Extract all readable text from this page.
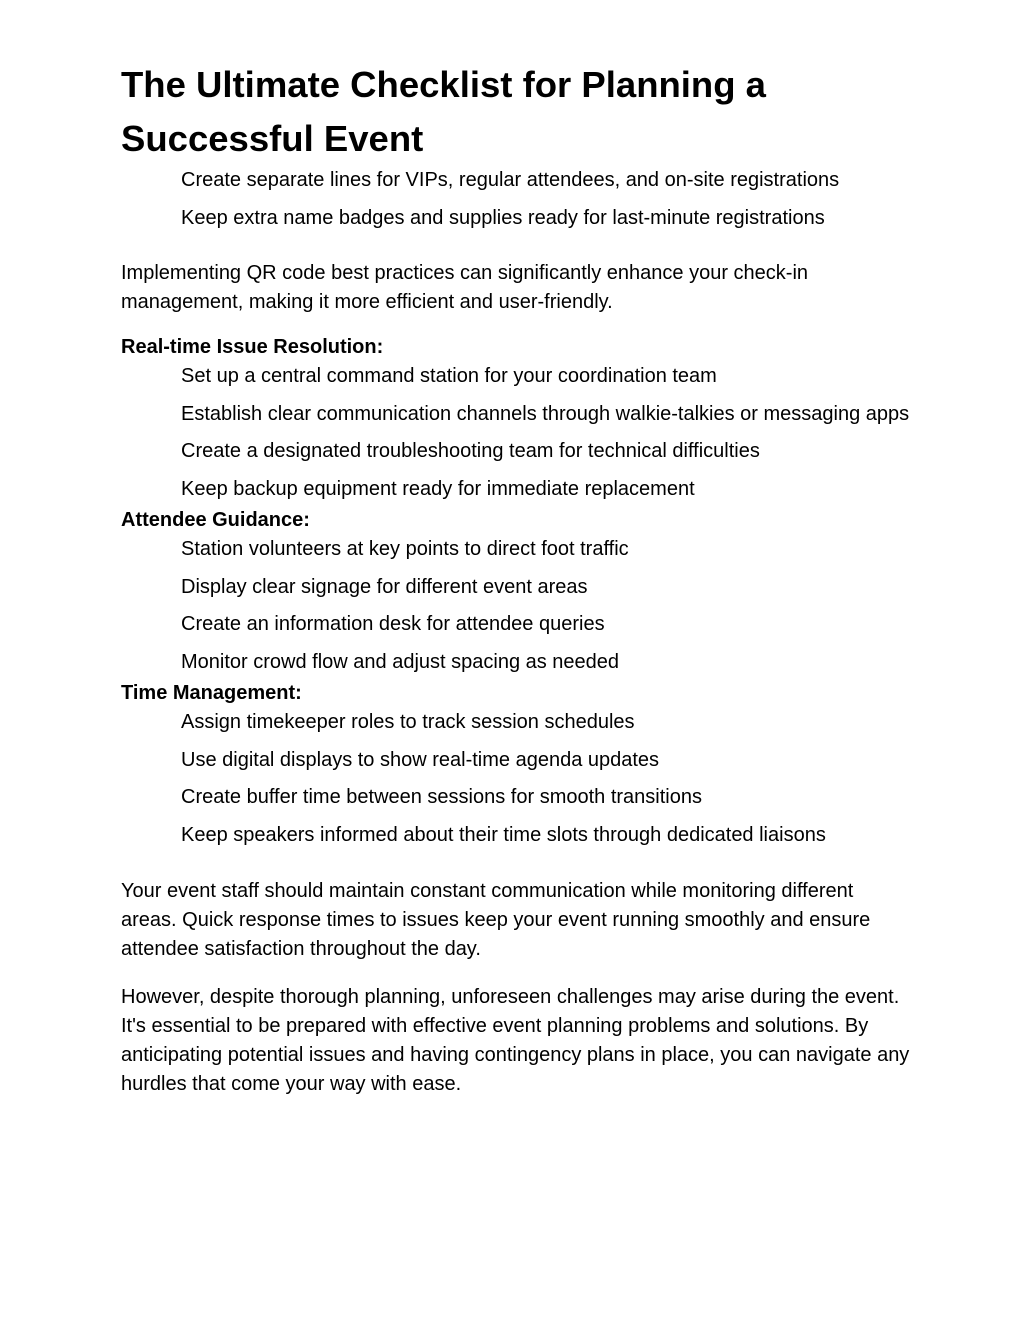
The Ultimate Checklist for Planning a Successful Event
Create separate lines for VIPs, regular attendees, and on-site registrations
Keep extra name badges and supplies ready for last-minute registrations

Implementing QR code best practices can significantly enhance your check-in management, making it more efficient and user-friendly.

Real-time Issue Resolution:

Set up a central command station for your coordination team
Establish clear communication channels through walkie-talkies or messaging apps
Create a designated troubleshooting team for technical difficulties
Keep backup equipment ready for immediate replacement

Attendee Guidance:

Station volunteers at key points to direct foot traffic
Display clear signage for different event areas
Create an information desk for attendee queries
Monitor crowd flow and adjust spacing as needed

Time Management:

Assign timekeeper roles to track session schedules
Use digital displays to show real-time agenda updates
Create buffer time between sessions for smooth transitions
Keep speakers informed about their time slots through dedicated liaisons

Your event staff should maintain constant communication while monitoring different areas. Quick response times to issues keep your event running smoothly and ensure attendee satisfaction throughout the day.

However, despite thorough planning, unforeseen challenges may arise during the event. It's essential to be prepared with effective event planning problems and solutions. By anticipating potential issues and having contingency plans in place, you can navigate any hurdles that come your way with ease.
